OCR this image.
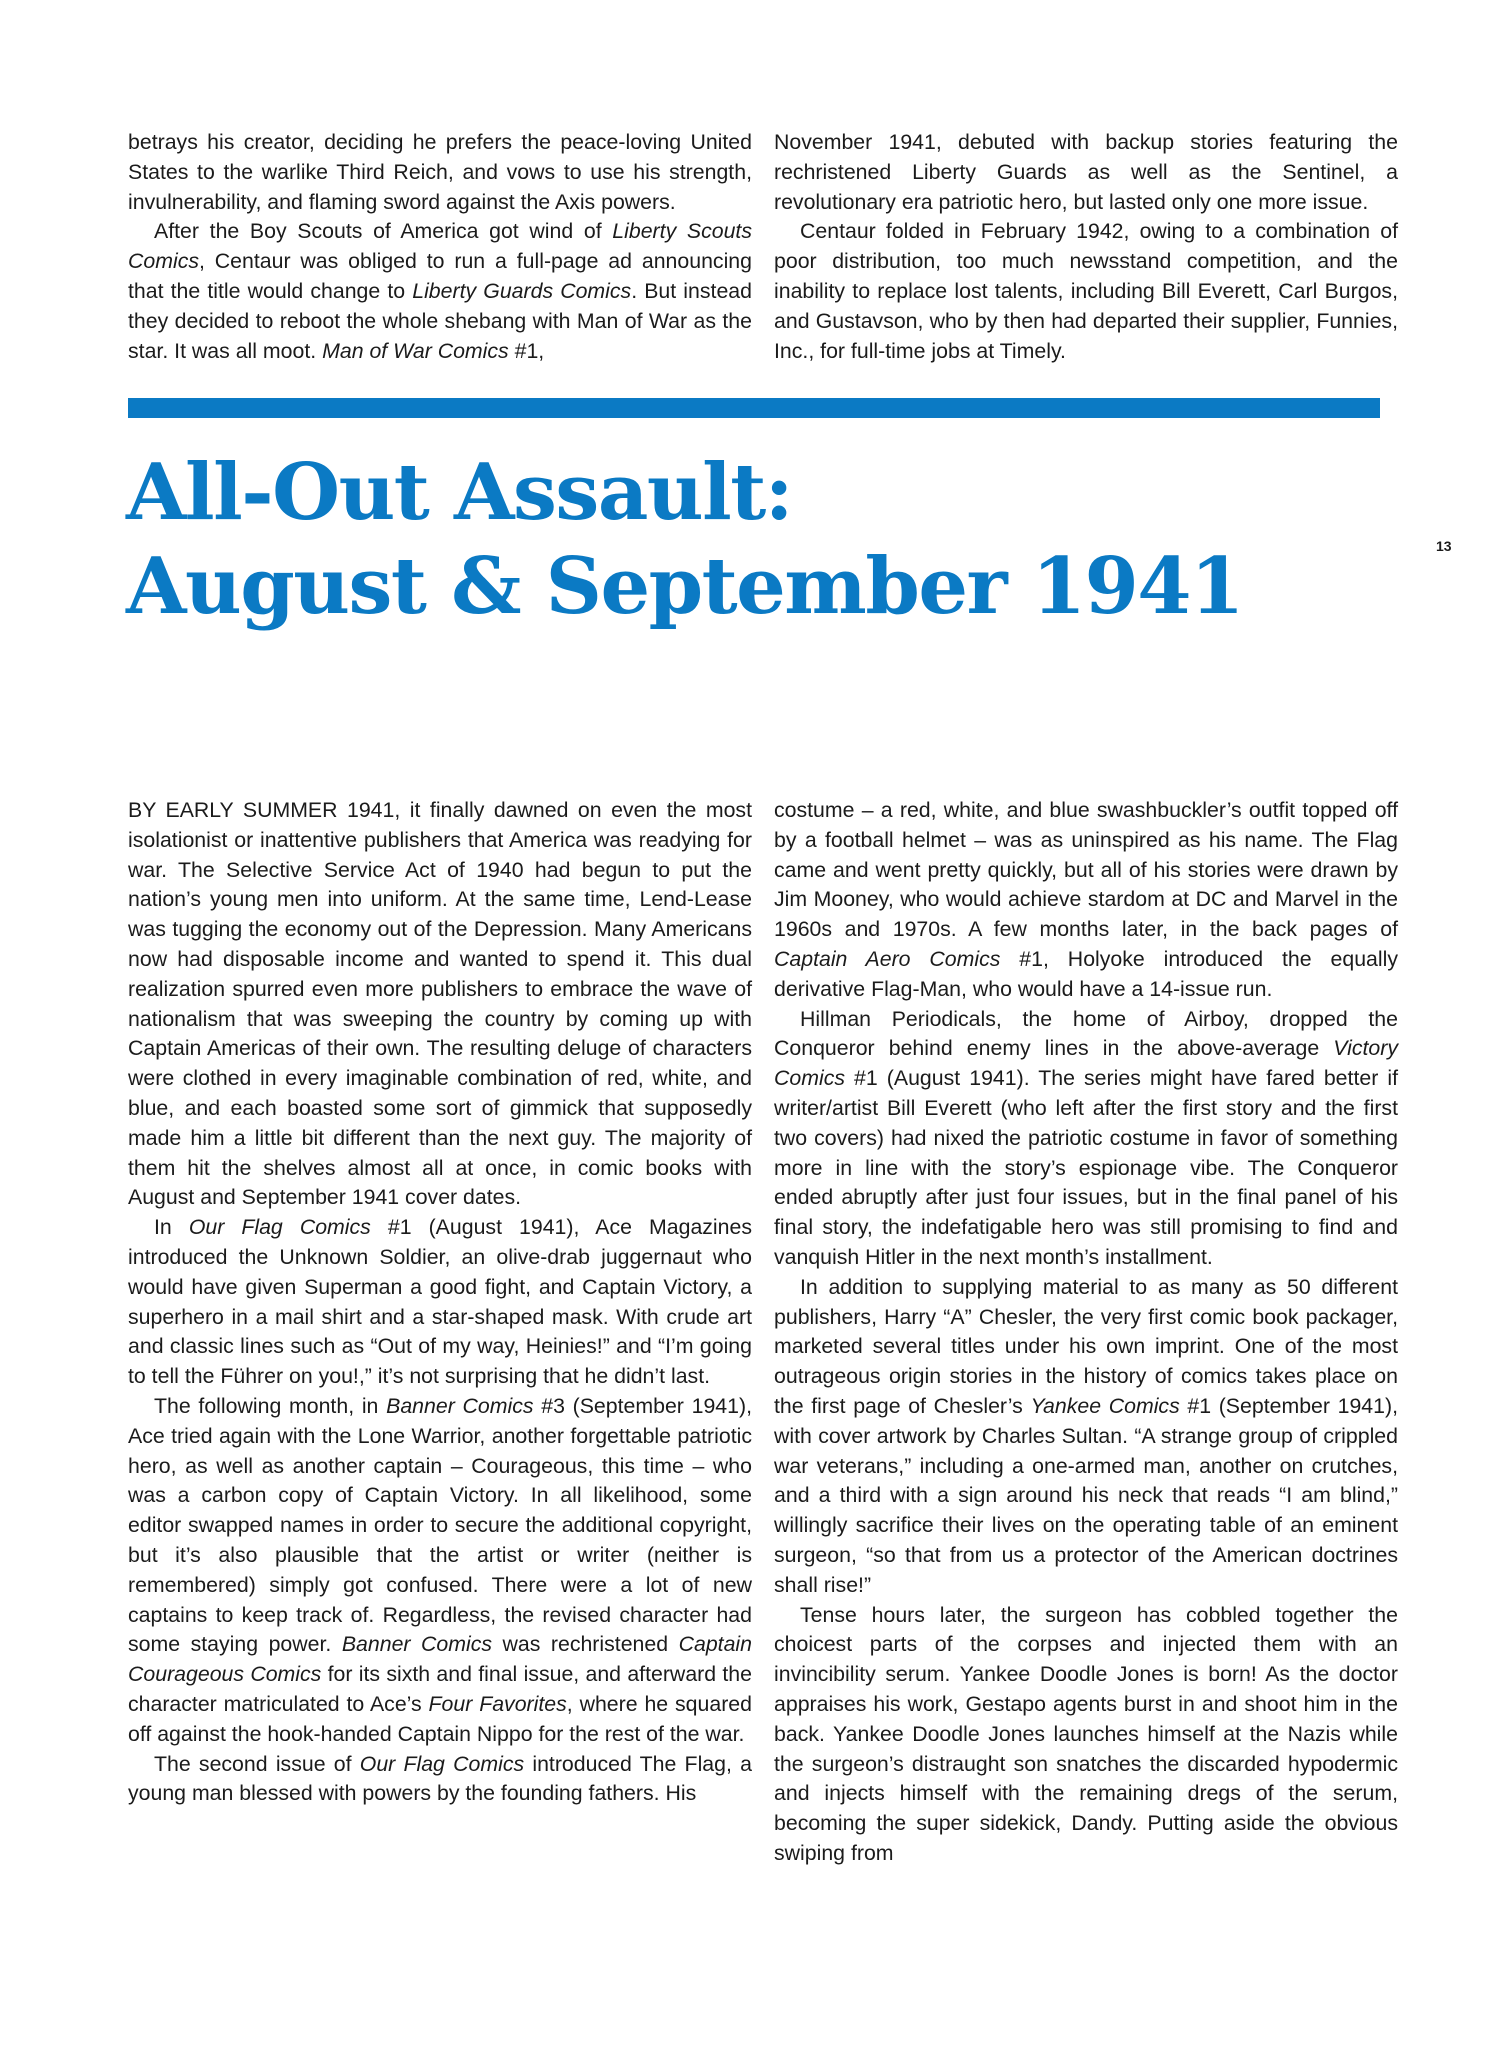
betrays his creator, deciding he prefers the peace-loving United States to the warlike Third Reich, and vows to use his strength, invulnerability, and flaming sword against the Axis powers.

After the Boy Scouts of America got wind of Liberty Scouts Comics, Centaur was obliged to run a full-page ad announcing that the title would change to Liberty Guards Comics. But instead they decided to reboot the whole shebang with Man of War as the star. It was all moot. Man of War Comics #1,

November 1941, debuted with backup stories featuring the rechristened Liberty Guards as well as the Sentinel, a revolutionary era patriotic hero, but lasted only one more issue.

Centaur folded in February 1942, owing to a combination of poor distribution, too much newsstand competition, and the inability to replace lost talents, including Bill Everett, Carl Burgos, and Gustavson, who by then had departed their supplier, Funnies, Inc., for full-time jobs at Timely.

All-Out Assault:
August & September 1941	13

BY EARLY SUMMER 1941, it finally dawned on even the most isolationist or inattentive publishers that America was readying for war. The Selective Service Act of 1940 had begun to put the nation’s young men into uniform. At the same time, Lend-Lease was tugging the economy out of the Depression. Many Americans now had disposable income and wanted to spend it. This dual realization spurred even more publishers to embrace the wave of nationalism that was sweeping the country by coming up with Captain Americas of their own. The resulting deluge of characters were clothed in every imaginable combination of red, white, and blue, and each boasted some sort of gimmick that supposedly made him a little bit different than the next guy. The majority of them hit the shelves almost all at once, in comic books with August and September 1941 cover dates.

In Our Flag Comics #1 (August 1941), Ace Magazines introduced the Unknown Soldier, an olive-drab juggernaut who would have given Superman a good fight, and Captain Victory, a superhero in a mail shirt and a star-shaped mask. With crude art and classic lines such as “Out of my way, Heinies!” and “I’m going to tell the Führer on you!,” it’s not surprising that he didn’t last.

The following month, in Banner Comics #3 (September 1941), Ace tried again with the Lone Warrior, another forgettable patriotic hero, as well as another captain – Courageous, this time – who was a carbon copy of Captain Victory. In all likelihood, some editor swapped names in order to secure the additional copyright, but it’s also plausible that the artist or writer (neither is remembered) simply got confused. There were a lot of new captains to keep track of. Regardless, the revised character had some staying power. Banner Comics was rechristened Captain Courageous Comics for its sixth and final issue, and afterward the character matriculated to Ace’s Four Favorites, where he squared off against the hook-handed Captain Nippo for the rest of the war.

The second issue of Our Flag Comics introduced The Flag, a young man blessed with powers by the founding fathers. His

costume – a red, white, and blue swashbuckler’s outfit topped off by a football helmet – was as uninspired as his name. The Flag came and went pretty quickly, but all of his stories were drawn by Jim Mooney, who would achieve stardom at DC and Marvel in the 1960s and 1970s. A few months later, in the back pages of Captain Aero Comics #1, Holyoke introduced the equally derivative Flag-Man, who would have a 14-issue run.

Hillman Periodicals, the home of Airboy, dropped the Conqueror behind enemy lines in the above-average Victory Comics #1 (August 1941). The series might have fared better if writer/artist Bill Everett (who left after the first story and the first two covers) had nixed the patriotic costume in favor of something more in line with the story’s espionage vibe. The Conqueror ended abruptly after just four issues, but in the final panel of his final story, the indefatigable hero was still promising to find and vanquish Hitler in the next month’s installment.

In addition to supplying material to as many as 50 different publishers, Harry “A” Chesler, the very first comic book packager, marketed several titles under his own imprint. One of the most outrageous origin stories in the history of comics takes place on the first page of Chesler’s Yankee Comics #1 (September 1941), with cover artwork by Charles Sultan. “A strange group of crippled war veterans,” including a one-armed man, another on crutches, and a third with a sign around his neck that reads “I am blind,” willingly sacrifice their lives on the operating table of an eminent surgeon, “so that from us a protector of the American doctrines shall rise!”

Tense hours later, the surgeon has cobbled together the choicest parts of the corpses and injected them with an invincibility serum. Yankee Doodle Jones is born! As the doctor appraises his work, Gestapo agents burst in and shoot him in the back. Yankee Doodle Jones launches himself at the Nazis while the surgeon’s distraught son snatches the discarded hypodermic and injects himself with the remaining dregs of the serum, becoming the super sidekick, Dandy. Putting aside the obvious swiping from
